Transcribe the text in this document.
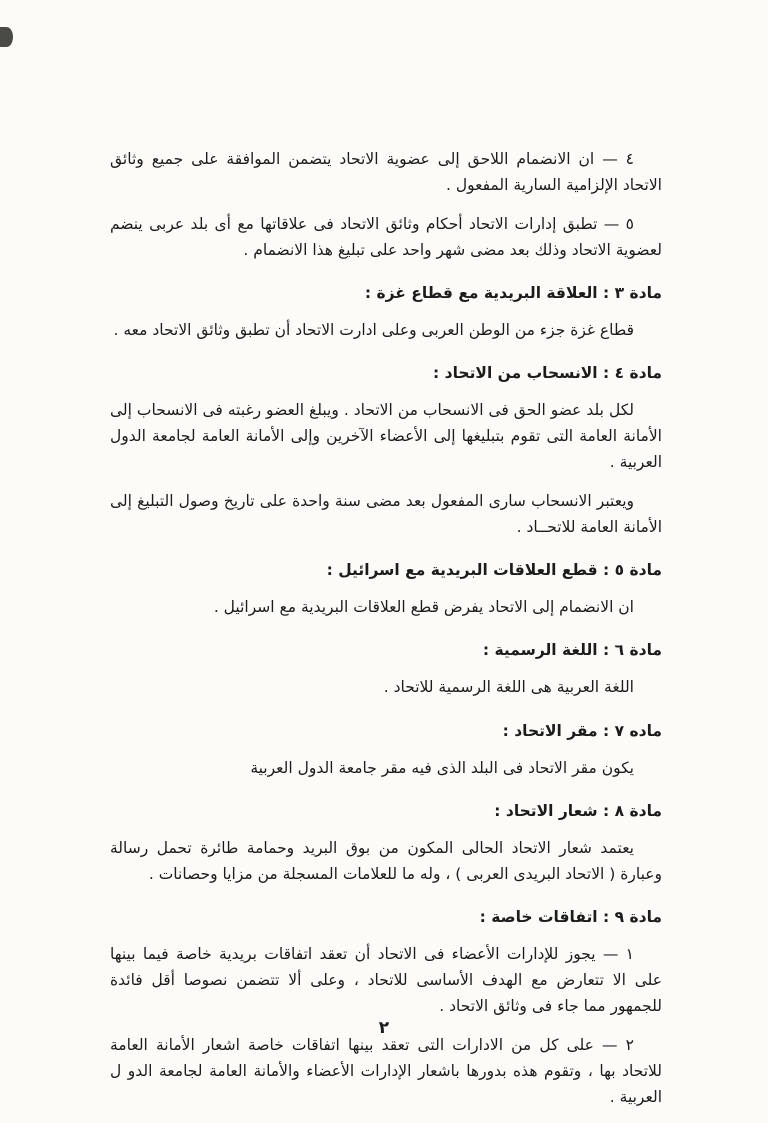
٤ — ان الانضمام اللاحق إلى عضوية الاتحاد يتضمن الموافقة على جميع وثائق الاتحاد الإلزامية السارية المفعول .

٥ — تطبق إدارات الاتحاد أحكام وثائق الاتحاد فى علاقاتها مع أى بلد عربى ينضم لعضوية الاتحاد وذلك بعد مضى شهر واحد على تبليغ هذا الانضمام .

مادة ٣ : العلاقة البريدية مع قطاع غزة :

قطاع غزة جزء من الوطن العربى وعلى ادارت الاتحاد أن تطبق وثائق الاتحاد معه .

مادة ٤ : الانسحاب من الاتحاد :

لكل بلد عضو الحق فى الانسحاب من الاتحاد . ويبلغ العضو رغبته فى الانسحاب إلى الأمانة العامة التى تقوم بتبليغها إلى الأعضاء الآخرين وإلى الأمانة العامة لجامعة الدول العربية .

ويعتبر الانسحاب سارى المفعول بعد مضى سنة واحدة على تاريخ وصول التبليغ إلى الأمانة العامة للاتحــاد .

مادة ٥ : قطع العلاقات البريدية مع اسرائيل :

ان الانضمام إلى الاتحاد يفرض قطع العلاقات البريدية مع اسرائيل .

مادة ٦ : اللغة الرسمية :

اللغة العربية هى اللغة الرسمية للاتحاد .

ماده ٧ : مقر الاتحاد :

يكون مقر الاتحاد فى البلد الذى فيه مقر جامعة الدول العربية

مادة ٨ : شعار الاتحاد :

يعتمد شعار الاتحاد الحالى المكون من بوق البريد وحمامة طائرة تحمل رسالة وعبارة ( الاتحاد البريدى العربى ) ، وله ما للعلامات المسجلة من مزايا وحصانات .

مادة ٩ : اتفاقات خاصة :

١ — يجوز للإدارات الأعضاء فى الاتحاد أن تعقد اتفاقات بريدية خاصة فيما بينها على الا تتعارض مع الهدف الأساسى للاتحاد ، وعلى ألا تتضمن نصوصا أقل فائدة للجمهور مما جاء فى وثائق الاتحاد .

٢ — على كل من الادارات التى تعقد بينها اتفاقات خاصة اشعار الأمانة العامة للاتحاد بها ، وتقوم هذه بدورها باشعار الإدارات الأعضاء والأمانة العامة لجامعة الدو ل العربية .

٢
